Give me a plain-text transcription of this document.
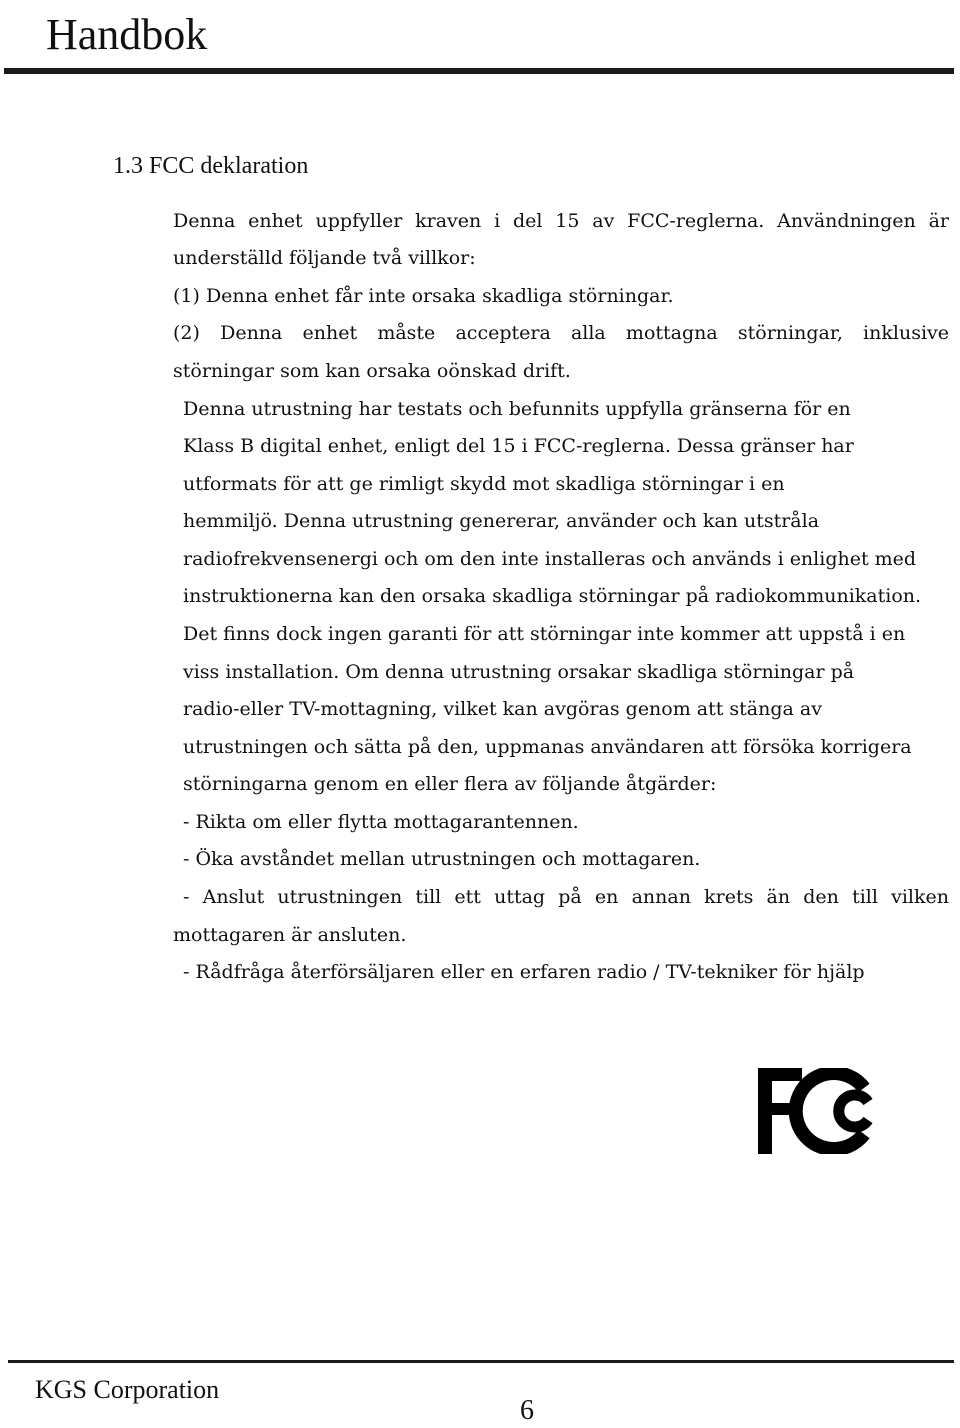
Handbok
1.3 FCC deklaration
Denna enhet uppfyller kraven i del 15 av FCC-reglerna. Användningen är
underställd följande två villkor:
(1) Denna enhet får inte orsaka skadliga störningar.
(2) Denna enhet måste acceptera alla mottagna störningar, inklusive
störningar som kan orsaka oönskad drift.
Denna utrustning har testats och befunnits uppfylla gränserna för en
Klass B digital enhet, enligt del 15 i FCC-reglerna. Dessa gränser har
utformats för att ge rimligt skydd mot skadliga störningar i en
hemmiljö. Denna utrustning genererar, använder och kan utstråla
radiofrekvensenergi och om den inte installeras och används i enlighet med
instruktionerna kan den orsaka skadliga störningar på radiokommunikation.
Det finns dock ingen garanti för att störningar inte kommer att uppstå i en
viss installation. Om denna utrustning orsakar skadliga störningar på
radio-eller TV-mottagning, vilket kan avgöras genom att stänga av
utrustningen och sätta på den, uppmanas användaren att försöka korrigera
störningarna genom en eller flera av följande åtgärder:
- Rikta om eller flytta mottagarantennen.
- Öka avståndet mellan utrustningen och mottagaren.
- Anslut utrustningen till ett uttag på en annan krets än den till vilken
mottagaren är ansluten.
- Rådfråga återförsäljaren eller en erfaren radio / TV-tekniker för hjälp
KGS Corporation
6
